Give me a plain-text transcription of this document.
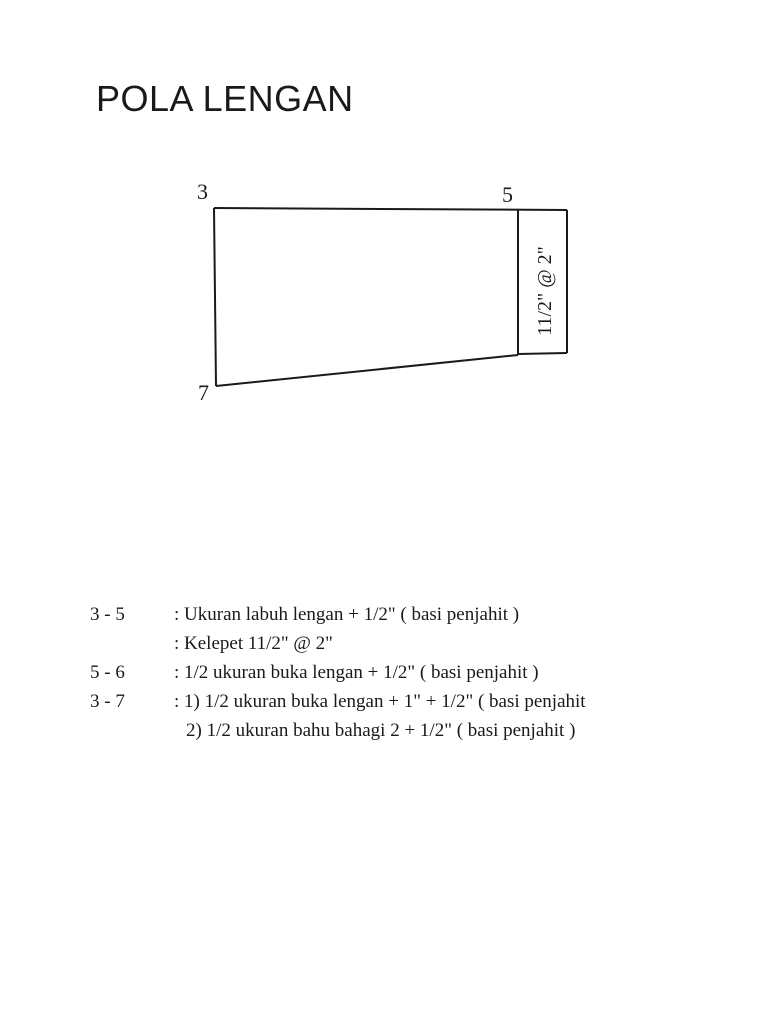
POLA LENGAN
3	5
7
11/2" @ 2"
3 - 5	: Ukuran labuh lengan + 1/2" ( basi penjahit )
: Kelepet 11/2" @ 2"
5 - 6	: 1/2 ukuran buka lengan + 1/2" ( basi penjahit )
3 - 7	: 1) 1/2 ukuran buka lengan + 1" + 1/2" ( basi penjahit
2) 1/2 ukuran bahu bahagi 2 + 1/2" ( basi penjahit )
